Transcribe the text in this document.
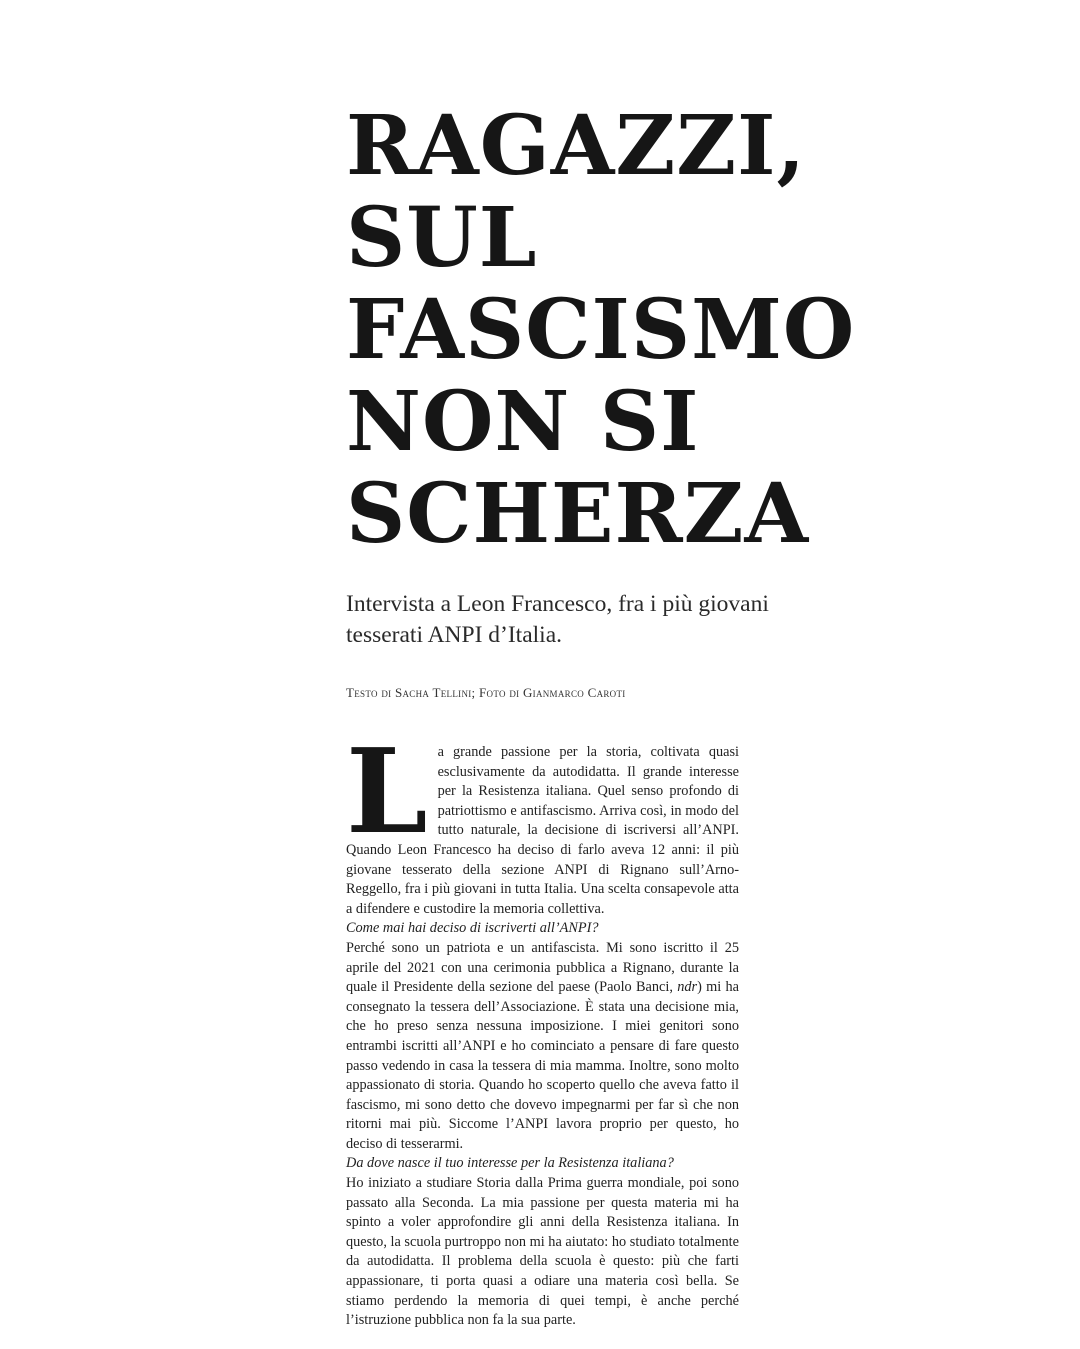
RAGAZZI,
SUL
FASCISMO
NON SI
SCHERZA

Intervista a Leon Francesco, fra i più giovani tesserati ANPI d’Italia.

Testo di Sacha Tellini; Foto di Gianmarco Caroti

La grande passione per la storia, coltivata quasi esclusivamente da autodidatta. Il grande interesse per la Resistenza italiana. Quel senso profondo di patriottismo e antifascismo. Arriva così, in modo del tutto naturale, la decisione di iscriversi all’ANPI. Quando Leon Francesco ha deciso di farlo aveva 12 anni: il più giovane tesserato della sezione ANPI di Rignano sull’Arno-Reggello, fra i più giovani in tutta Italia. Una scelta consapevole atta a difendere e custodire la memoria collettiva.

Come mai hai deciso di iscriverti all’ANPI?

Perché sono un patriota e un antifascista. Mi sono iscritto il 25 aprile del 2021 con una cerimonia pubblica a Rignano, durante la quale il Presidente della sezione del paese (Paolo Banci, ndr) mi ha consegnato la tessera dell’Associazione. È stata una decisione mia, che ho preso senza nessuna imposizione. I miei genitori sono entrambi iscritti all’ANPI e ho cominciato a pensare di fare questo passo vedendo in casa la tessera di mia mamma. Inoltre, sono molto appassionato di storia. Quando ho scoperto quello che aveva fatto il fascismo, mi sono detto che dovevo impegnarmi per far sì che non ritorni mai più. Siccome l’ANPI lavora proprio per questo, ho deciso di tesserarmi.

Da dove nasce il tuo interesse per la Resistenza italiana?

Ho iniziato a studiare Storia dalla Prima guerra mondiale, poi sono passato alla Seconda. La mia passione per questa materia mi ha spinto a voler approfondire gli anni della Resistenza italiana. In questo, la scuola purtroppo non mi ha aiutato: ho studiato totalmente da autodidatta. Il problema della scuola è questo: più che farti appassionare, ti porta quasi a odiare una materia così bella. Se stiamo perdendo la memoria di quei tempi, è anche perché l’istruzione pubblica non fa la sua parte.
